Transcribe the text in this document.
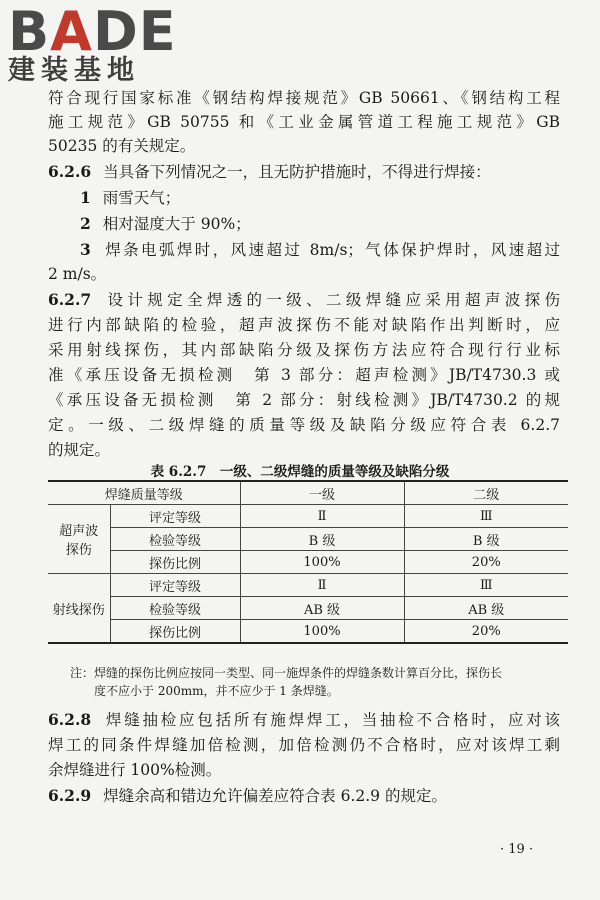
BADE
建装基地
符合现行国家标准《钢结构焊接规范》GB 50661、《钢结构工程
施工规范》GB 50755 和《工业金属管道工程施工规范》GB
50235 的有关规定。
6.2.6 当具备下列情况之一，且无防护措施时，不得进行焊接：
1 雨雪天气；
2 相对湿度大于 90%；
3 焊条电弧焊时，风速超过 8m/s；气体保护焊时，风速超过
2 m/s。
6.2.7 设计规定全焊透的一级、二级焊缝应采用超声波探伤
进行内部缺陷的检验，超声波探伤不能对缺陷作出判断时，应
采用射线探伤，其内部缺陷分级及探伤方法应符合现行行业标
准《承压设备无损检测　第 3 部分：超声检测》JB/T4730.3 或
《承压设备无损检测　第 2 部分：射线检测》JB/T4730.2 的规
定。一级、二级焊缝的质量等级及缺陷分级应符合表 6.2.7
的规定。
表 6.2.7　一级、二级焊缝的质量等级及缺陷分级
焊缝质量等级		一级	二级
超声波
探伤	评定等级	Ⅱ	Ⅲ
	检验等级	B 级	B 级
	探伤比例	100%	20%
射线探伤	评定等级	Ⅱ	Ⅲ
	检验等级	AB 级	AB 级
	探伤比例	100%	20%
注：焊缝的探伤比例应按同一类型、同一施焊条件的焊缝条数计算百分比，探伤长
度不应小于 200mm，并不应少于 1 条焊缝。
6.2.8 焊缝抽检应包括所有施焊焊工，当抽检不合格时，应对该
焊工的同条件焊缝加倍检测，加倍检测仍不合格时，应对该焊工剩
余焊缝进行 100%检测。
6.2.9 焊缝余高和错边允许偏差应符合表 6.2.9 的规定。
· 19 ·
